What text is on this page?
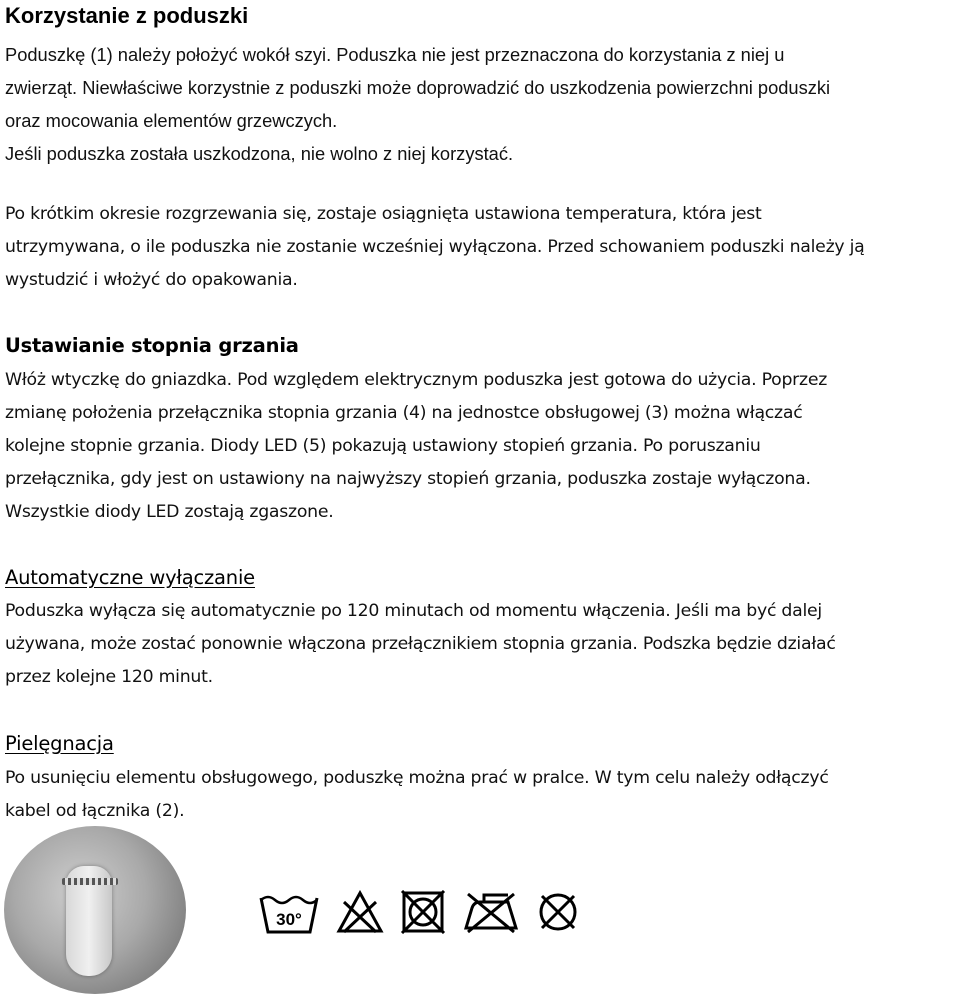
Korzystanie z poduszki

Poduszkę (1) należy położyć wokół szyi. Poduszka nie jest przeznaczona do korzystania z niej u

zwierząt. Niewłaściwe korzystnie z poduszki może doprowadzić do uszkodzenia powierzchni poduszki

oraz mocowania elementów grzewczych.

Jeśli poduszka została uszkodzona, nie wolno z niej korzystać.

Po krótkim okresie rozgrzewania się, zostaje osiągnięta ustawiona temperatura, która jest

utrzymywana, o ile poduszka nie zostanie wcześniej wyłączona. Przed schowaniem poduszki należy ją

wystudzić i włożyć do opakowania.

Ustawianie stopnia grzania

Włóż wtyczkę do gniazdka. Pod względem elektrycznym poduszka jest gotowa do użycia. Poprzez

zmianę położenia przełącznika stopnia grzania (4) na jednostce obsługowej (3) można włączać

kolejne stopnie grzania. Diody LED (5) pokazują ustawiony stopień grzania. Po poruszaniu

przełącznika, gdy jest on ustawiony na najwyższy stopień grzania, poduszka zostaje wyłączona.

Wszystkie diody LED zostają zgaszone.

Automatyczne wyłączanie

Poduszka wyłącza się automatycznie po 120 minutach od momentu włączenia. Jeśli ma być dalej

używana, może zostać ponownie włączona przełącznikiem stopnia grzania. Podszka będzie działać

przez kolejne 120 minut.

Pielęgnacja

Po usunięciu elementu obsługowego, poduszkę można prać w pralce. W tym celu należy odłączyć

kabel od łącznika (2).

30°
